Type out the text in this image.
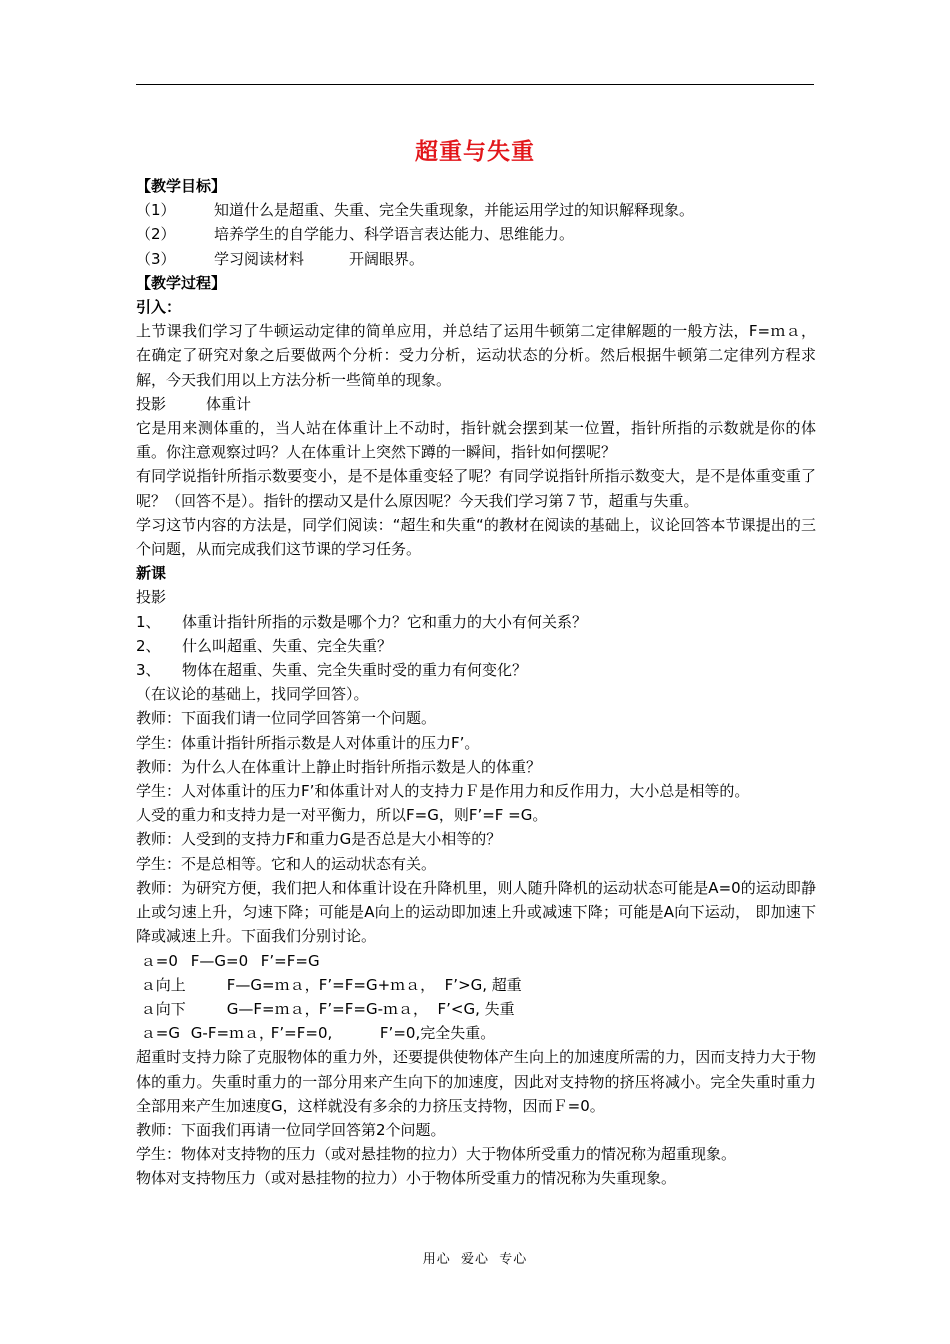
超重与失重
【教学目标】
（1）	知道什么是超重、失重、完全失重现象，并能运用学过的知识解释现象。
（2）	培养学生的自学能力、科学语言表达能力、思维能力。
（3）	学习阅读材料　　　开阔眼界。
【教学过程】
引入：
上节课我们学习了牛顿运动定律的简单应用，并总结了运用牛顿第二定律解题的一般方法，F=ｍａ，在确定了研究对象之后要做两个分析：受力分析，运动状态的分析。然后根据牛顿第二定律列方程求解，今天我们用以上方法分析一些简单的现象。
投影	体重计
它是用来测体重的，当人站在体重计上不动时，指针就会摆到某一位置，指针所指的示数就是你的体重。你注意观察过吗？人在体重计上突然下蹲的一瞬间，指针如何摆呢？
有同学说指针所指示数要变小，是不是体重变轻了呢？有同学说指针所指示数变大，是不是体重变重了呢？（回答不是）。指针的摆动又是什么原因呢？今天我们学习第７节，超重与失重。
学习这节内容的方法是，同学们阅读：“超生和失重“的教材在阅读的基础上，议论回答本节课提出的三个问题，从而完成我们这节课的学习任务。
新课
投影
1、 体重计指针所指的示数是哪个力？它和重力的大小有何关系？
2、 什么叫超重、失重、完全失重？
3、 物体在超重、失重、完全失重时受的重力有何变化？
（在议论的基础上，找同学回答）。
教师：下面我们请一位同学回答第一个问题。
学生：体重计指针所指示数是人对体重计的压力F’。
教师：为什么人在体重计上静止时指针所指示数是人的体重？
学生：人对体重计的压力F’和体重计对人的支持力Ｆ是作用力和反作用力，大小总是相等的。
人受的重力和支持力是一对平衡力，所以F=G，则F’=F =G。
教师：人受到的支持力F和重力G是否总是大小相等的？
学生：不是总相等。它和人的运动状态有关。
教师：为研究方便，我们把人和体重计设在升降机里，则人随升降机的运动状态可能是A=0的运动即静止或匀速上升，匀速下降；可能是A向上的运动即加速上升或减速下降；可能是A向下运动， 即加速下降或减速上升。下面我们分别讨论。
ａ=0 F—G=0 F’=F=G
ａ向上	F—G=ｍａ，F’=F=G+ｍａ，  F’>G, 超重
ａ向下	G—F=ｍａ，F’=F=G-ｍａ，  F’<G, 失重
ａ=G G-F=ｍａ，F’=F=0,          F’=0,完全失重。
超重时支持力除了克服物体的重力外，还要提供使物体产生向上的加速度所需的力，因而支持力大于物体的重力。失重时重力的一部分用来产生向下的加速度，因此对支持物的挤压将减小。完全失重时重力全部用来产生加速度G，这样就没有多余的力挤压支持物，因而Ｆ=0。
教师：下面我们再请一位同学回答第2个问题。
学生：物体对支持物的压力（或对悬挂物的拉力）大于物体所受重力的情况称为超重现象。
物体对支持物压力（或对悬挂物的拉力）小于物体所受重力的情况称为失重现象。
用心  爱心  专心
